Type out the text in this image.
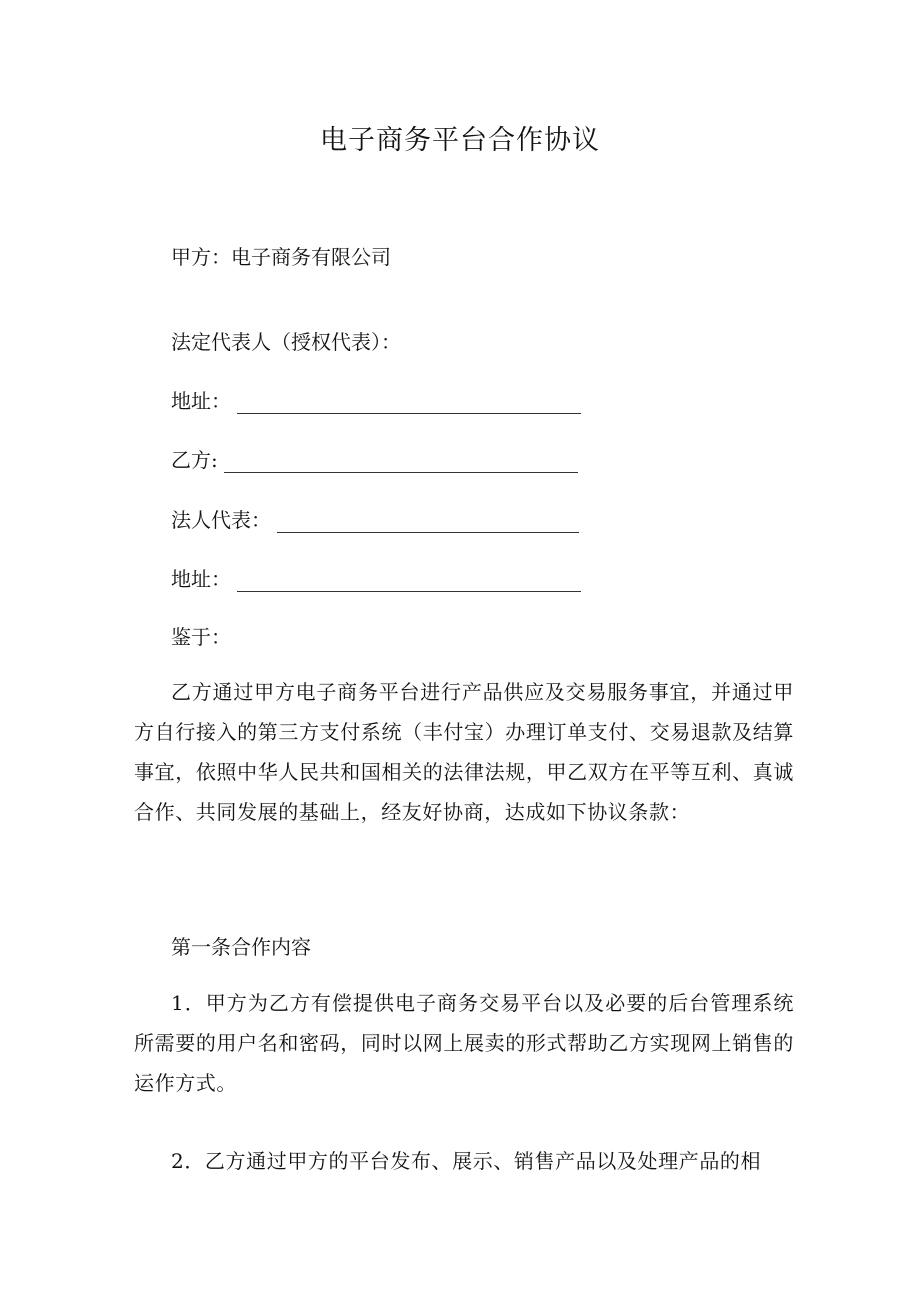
电子商务平台合作协议
甲方：电子商务有限公司
法定代表人（授权代表）：
地址：
乙方:
法人代表：
地址：
鉴于：
乙方通过甲方电子商务平台进行产品供应及交易服务事宜，并通过甲方自行接入的第三方支付系统（丰付宝）办理订单支付、交易退款及结算事宜，依照中华人民共和国相关的法律法规，甲乙双方在平等互利、真诚合作、共同发展的基础上，经友好协商，达成如下协议条款：
第一条合作内容
1．甲方为乙方有偿提供电子商务交易平台以及必要的后台管理系统所需要的用户名和密码，同时以网上展卖的形式帮助乙方实现网上销售的运作方式。
2．乙方通过甲方的平台发布、展示、销售产品以及处理产品的相
